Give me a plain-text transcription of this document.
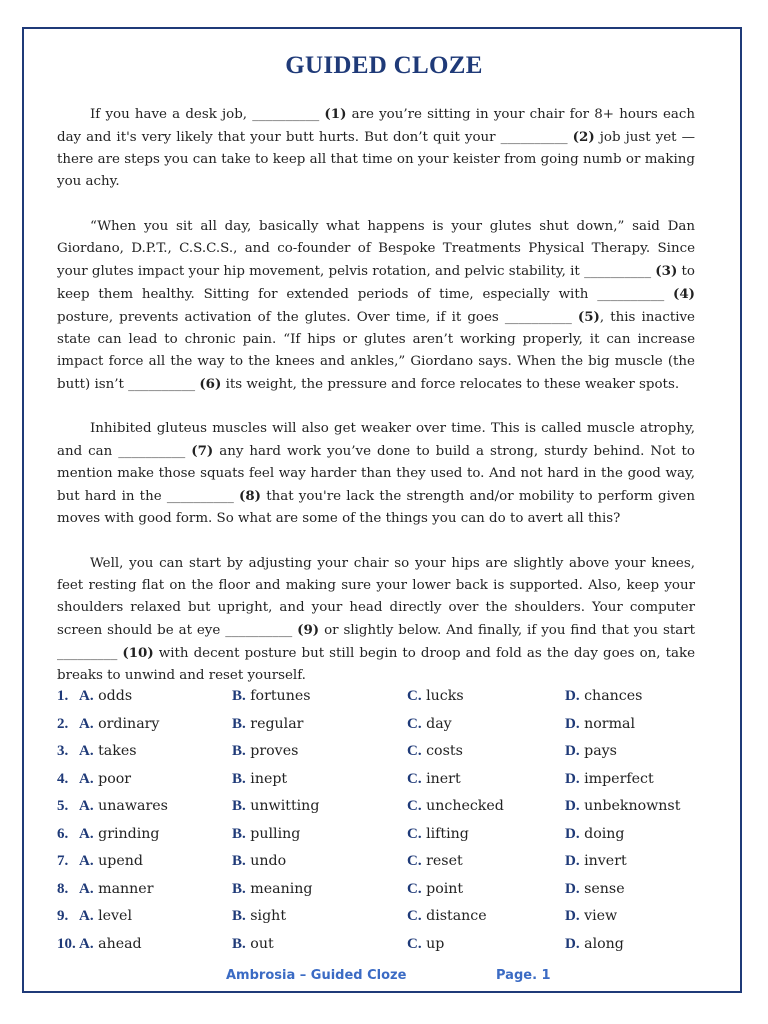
GUIDED CLOZE

If you have a desk job, __________ (1) are you’re sitting in your chair for 8+ hours each day and it's very likely that your butt hurts. But don’t quit your __________ (2) job just yet — there are steps you can take to keep all that time on your keister from going numb or making you achy.

“When you sit all day, basically what happens is your glutes shut down,” said Dan Giordano, D.P.T., C.S.C.S., and co-founder of Bespoke Treatments Physical Therapy. Since your glutes impact your hip movement, pelvis rotation, and pelvic stability, it __________ (3) to keep them healthy. Sitting for extended periods of time, especially with __________ (4) posture, prevents activation of the glutes. Over time, if it goes __________ (5), this inactive state can lead to chronic pain. “If hips or glutes aren’t working properly, it can increase impact force all the way to the knees and ankles,” Giordano says. When the big muscle (the butt) isn’t __________ (6) its weight, the pressure and force relocates to these weaker spots.

Inhibited gluteus muscles will also get weaker over time. This is called muscle atrophy, and can __________ (7) any hard work you’ve done to build a strong, sturdy behind. Not to mention make those squats feel way harder than they used to. And not hard in the good way, but hard in the __________ (8) that you're lack the strength and/or mobility to perform given moves with good form. So what are some of the things you can do to avert all this?

Well, you can start by adjusting your chair so your hips are slightly above your knees, feet resting flat on the floor and making sure your lower back is supported. Also, keep your shoulders relaxed but upright, and your head directly over the shoulders. Your computer screen should be at eye __________ (9) or slightly below. And finally, if you find that you start _________ (10) with decent posture but still begin to droop and fold as the day goes on, take breaks to unwind and reset yourself.

1. A. odds	B. fortunes	C. lucks	D. chances
2. A. ordinary	B. regular	C. day	D. normal
3. A. takes	B. proves	C. costs	D. pays
4. A. poor	B. inept	C. inert	D. imperfect
5. A. unawares	B. unwitting	C. unchecked	D. unbeknownst
6. A. grinding	B. pulling	C. lifting	D. doing
7. A. upend	B. undo	C. reset	D. invert
8. A. manner	B. meaning	C. point	D. sense
9. A. level	B. sight	C. distance	D. view
10. A. ahead	B. out	C. up	D. along
Ambrosia – Guided Cloze	Page. 1
